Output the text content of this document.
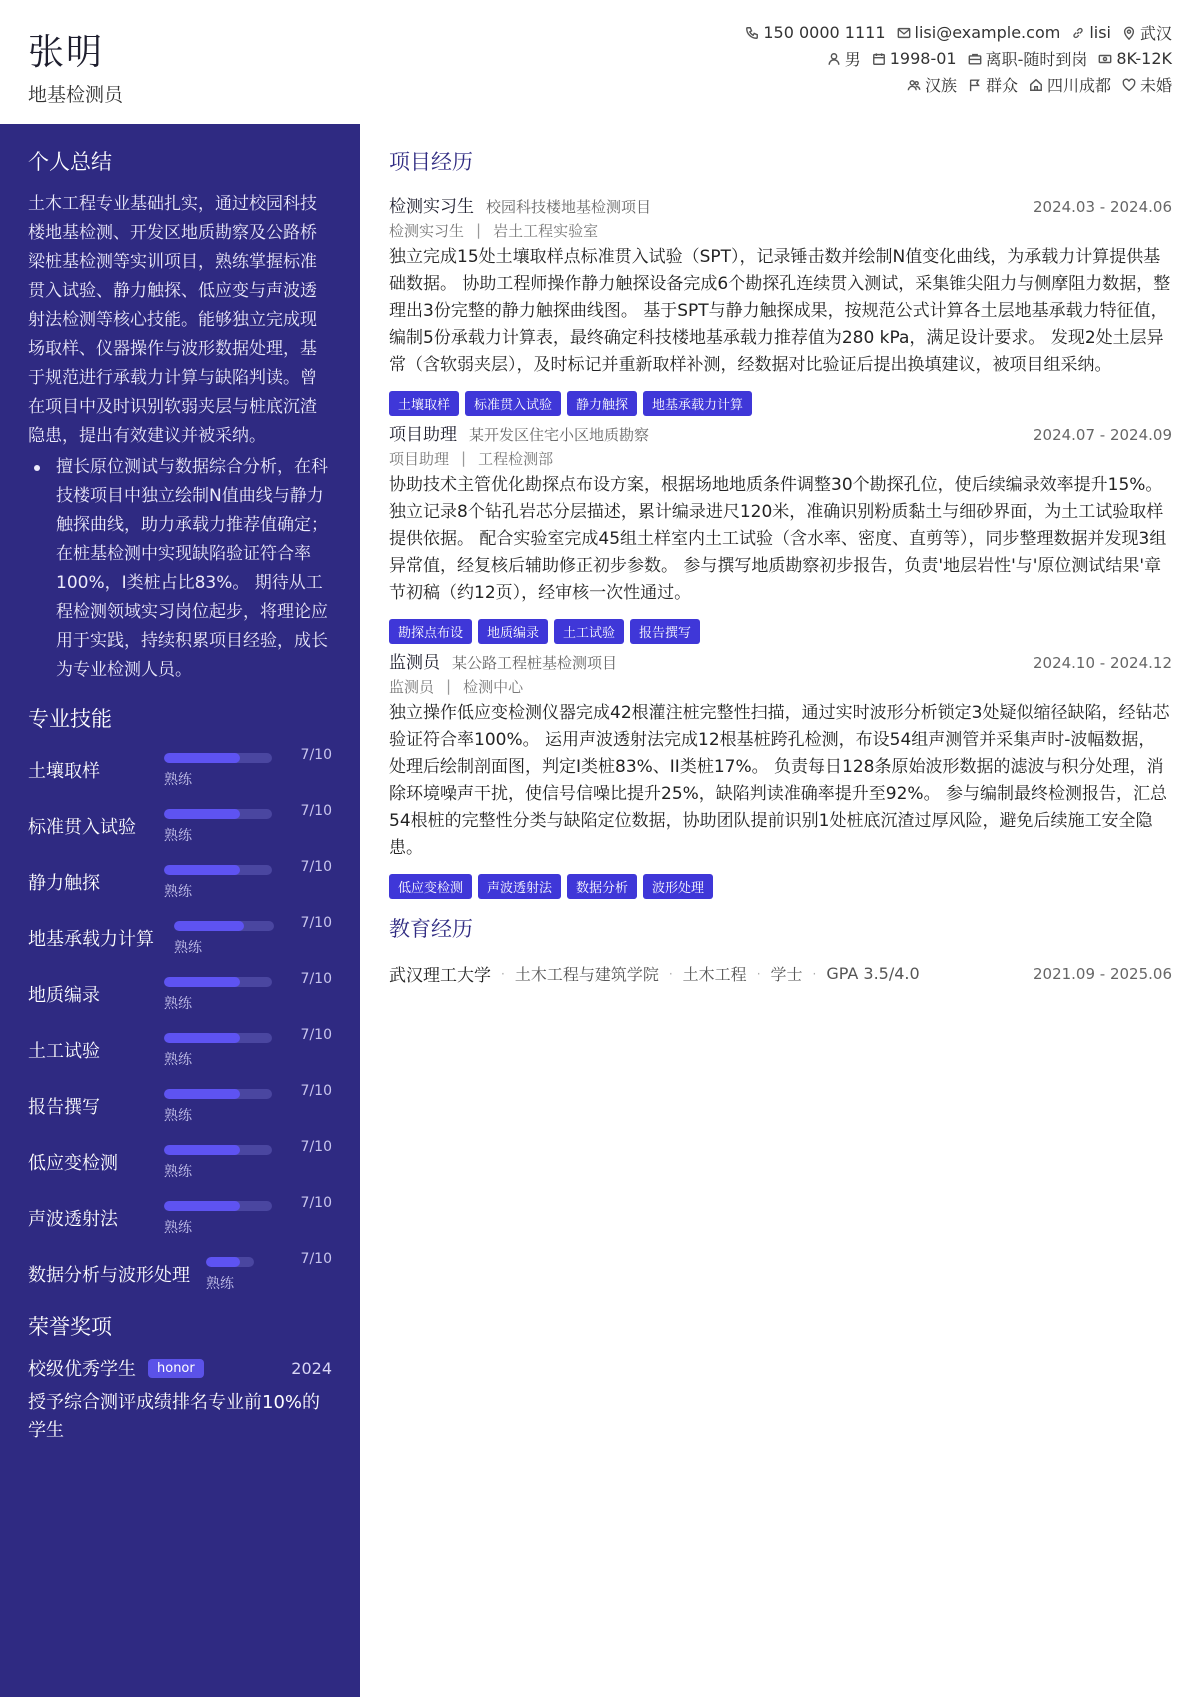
张明
地基检测员
150 0000 1111 lisi@example.com lisi 武汉
男 1998-01 离职-随时到岗 8K-12K
汉族 群众 四川成都 未婚
个人总结
土木工程专业基础扎实，通过校园科技楼地基检测、开发区地质勘察及公路桥梁桩基检测等实训项目，熟练掌握标准贯入试验、静力触探、低应变与声波透射法检测等核心技能。能够独立完成现场取样、仪器操作与波形数据处理，基于规范进行承载力计算与缺陷判读。曾在项目中及时识别软弱夹层与桩底沉渣隐患，提出有效建议并被采纳。
擅长原位测试与数据综合分析，在科技楼项目中独立绘制N值曲线与静力触探曲线，助力承载力推荐值确定；在桩基检测中实现缺陷验证符合率100%，I类桩占比83%。 期待从工程检测领域实习岗位起步，将理论应用于实践，持续积累项目经验，成长为专业检测人员。
专业技能
土壤取样
7/10
熟练
标准贯入试验
7/10
熟练
静力触探
7/10
熟练
地基承载力计算
7/10
熟练
地质编录
7/10
熟练
土工试验
7/10
熟练
报告撰写
7/10
熟练
低应变检测
7/10
熟练
声波透射法
7/10
熟练
数据分析与波形处理
7/10
熟练
荣誉奖项
校级优秀学生	honor	2024
授予综合测评成绩排名专业前10%的学生
项目经历
检测实习生 校园科技楼地基检测项目	2024.03 - 2024.06
检测实习生 | 岩土工程实验室
独立完成15处土壤取样点标准贯入试验（SPT），记录锤击数并绘制N值变化曲线，为承载力计算提供基础数据。 协助工程师操作静力触探设备完成6个勘探孔连续贯入测试，采集锥尖阻力与侧摩阻力数据，整理出3份完整的静力触探曲线图。 基于SPT与静力触探成果，按规范公式计算各土层地基承载力特征值，编制5份承载力计算表，最终确定科技楼地基承载力推荐值为280 kPa，满足设计要求。 发现2处土层异常（含软弱夹层），及时标记并重新取样补测，经数据对比验证后提出换填建议，被项目组采纳。
土壤取样	标准贯入试验	静力触探	地基承载力计算
项目助理 某开发区住宅小区地质勘察	2024.07 - 2024.09
项目助理 | 工程检测部
协助技术主管优化勘探点布设方案，根据场地地质条件调整30个勘探孔位，使后续编录效率提升15%。 独立记录8个钻孔岩芯分层描述，累计编录进尺120米，准确识别粉质黏土与细砂界面，为土工试验取样提供依据。 配合实验室完成45组土样室内土工试验（含水率、密度、直剪等），同步整理数据并发现3组异常值，经复核后辅助修正初步参数。 参与撰写地质勘察初步报告，负责'地层岩性'与'原位测试结果'章节初稿（约12页），经审核一次性通过。
勘探点布设	地质编录	土工试验	报告撰写
监测员 某公路工程桩基检测项目	2024.10 - 2024.12
监测员 | 检测中心
独立操作低应变检测仪器完成42根灌注桩完整性扫描，通过实时波形分析锁定3处疑似缩径缺陷，经钻芯验证符合率100%。 运用声波透射法完成12根基桩跨孔检测，布设54组声测管并采集声时-波幅数据，处理后绘制剖面图，判定I类桩83%、II类桩17%。 负责每日128条原始波形数据的滤波与积分处理，消除环境噪声干扰，使信号信噪比提升25%，缺陷判读准确率提升至92%。 参与编制最终检测报告，汇总54根桩的完整性分类与缺陷定位数据，协助团队提前识别1处桩底沉渣过厚风险，避免后续施工安全隐患。
低应变检测	声波透射法	数据分析	波形处理
教育经历
武汉理工大学 · 土木工程与建筑学院 · 土木工程 · 学士 · GPA 3.5/4.0	2021.09 - 2025.06
